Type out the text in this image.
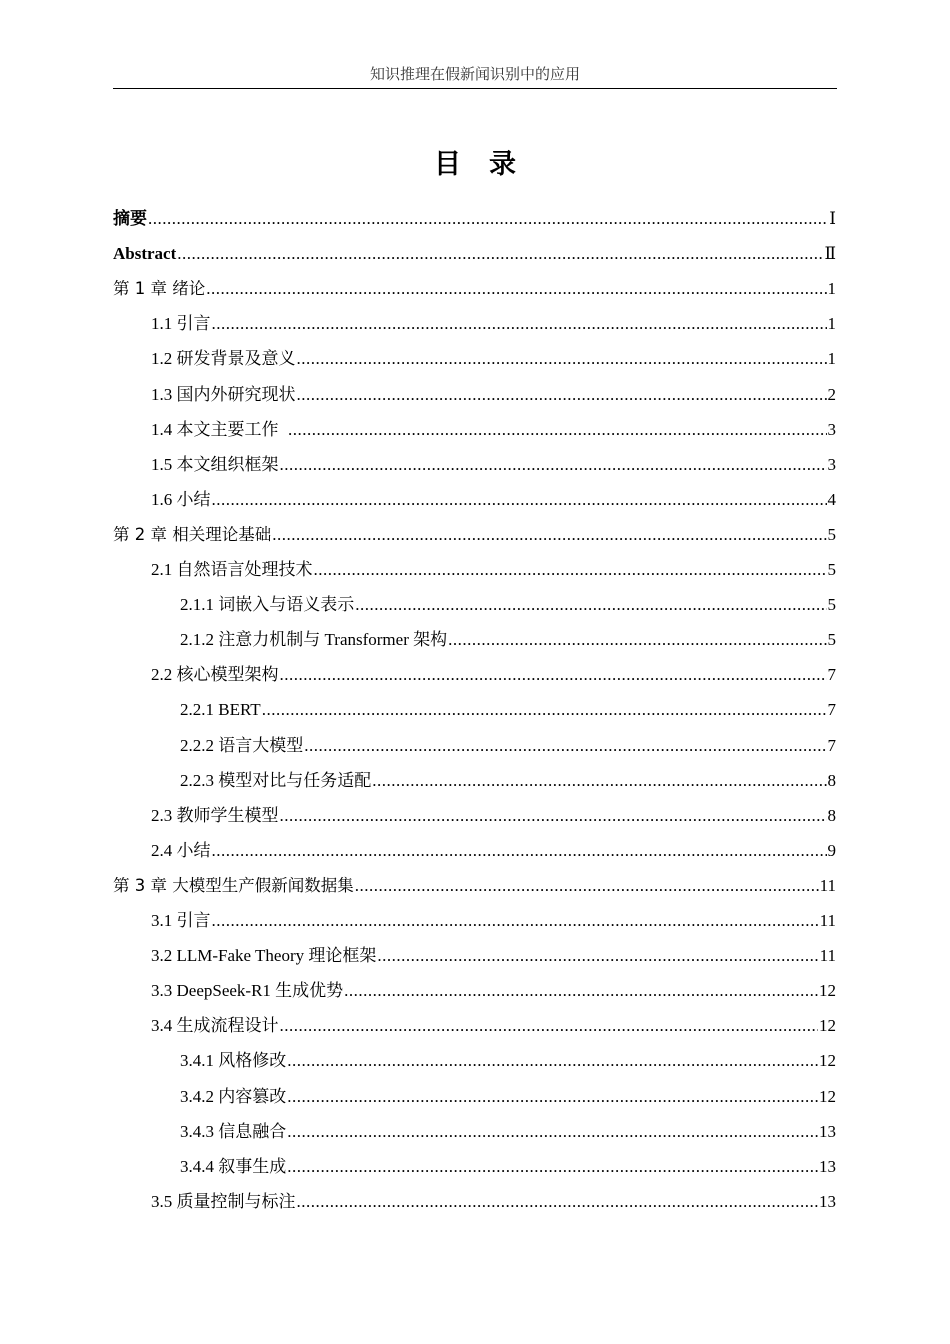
知识推理在假新闻识别中的应用
目录
摘要 .....	Ⅰ
Abstract .....	Ⅱ
第 1 章 绪论 .....	1
1.1 引言 .....	1
1.2 研发背景及意义 .....	1
1.3 国内外研究现状 .....	2
1.4 本文主要工作 .....	3
1.5 本文组织框架 .....	3
1.6 小结 .....	4
第 2 章 相关理论基础 .....	5
2.1 自然语言处理技术 .....	5
2.1.1 词嵌入与语义表示 .....	5
2.1.2 注意力机制与 Transformer 架构 .....	5
2.2 核心模型架构 .....	7
2.2.1 BERT .....	7
2.2.2 语言大模型 .....	7
2.2.3 模型对比与任务适配 .....	8
2.3 教师学生模型 .....	8
2.4 小结 .....	9
第 3 章 大模型生产假新闻数据集 .....	11
3.1 引言 .....	11
3.2 LLM-Fake Theory 理论框架 .....	11
3.3 DeepSeek-R1 生成优势 .....	12
3.4 生成流程设计 .....	12
3.4.1 风格修改 .....	12
3.4.2 内容篡改 .....	12
3.4.3 信息融合 .....	13
3.4.4 叙事生成 .....	13
3.5 质量控制与标注 .....	13
